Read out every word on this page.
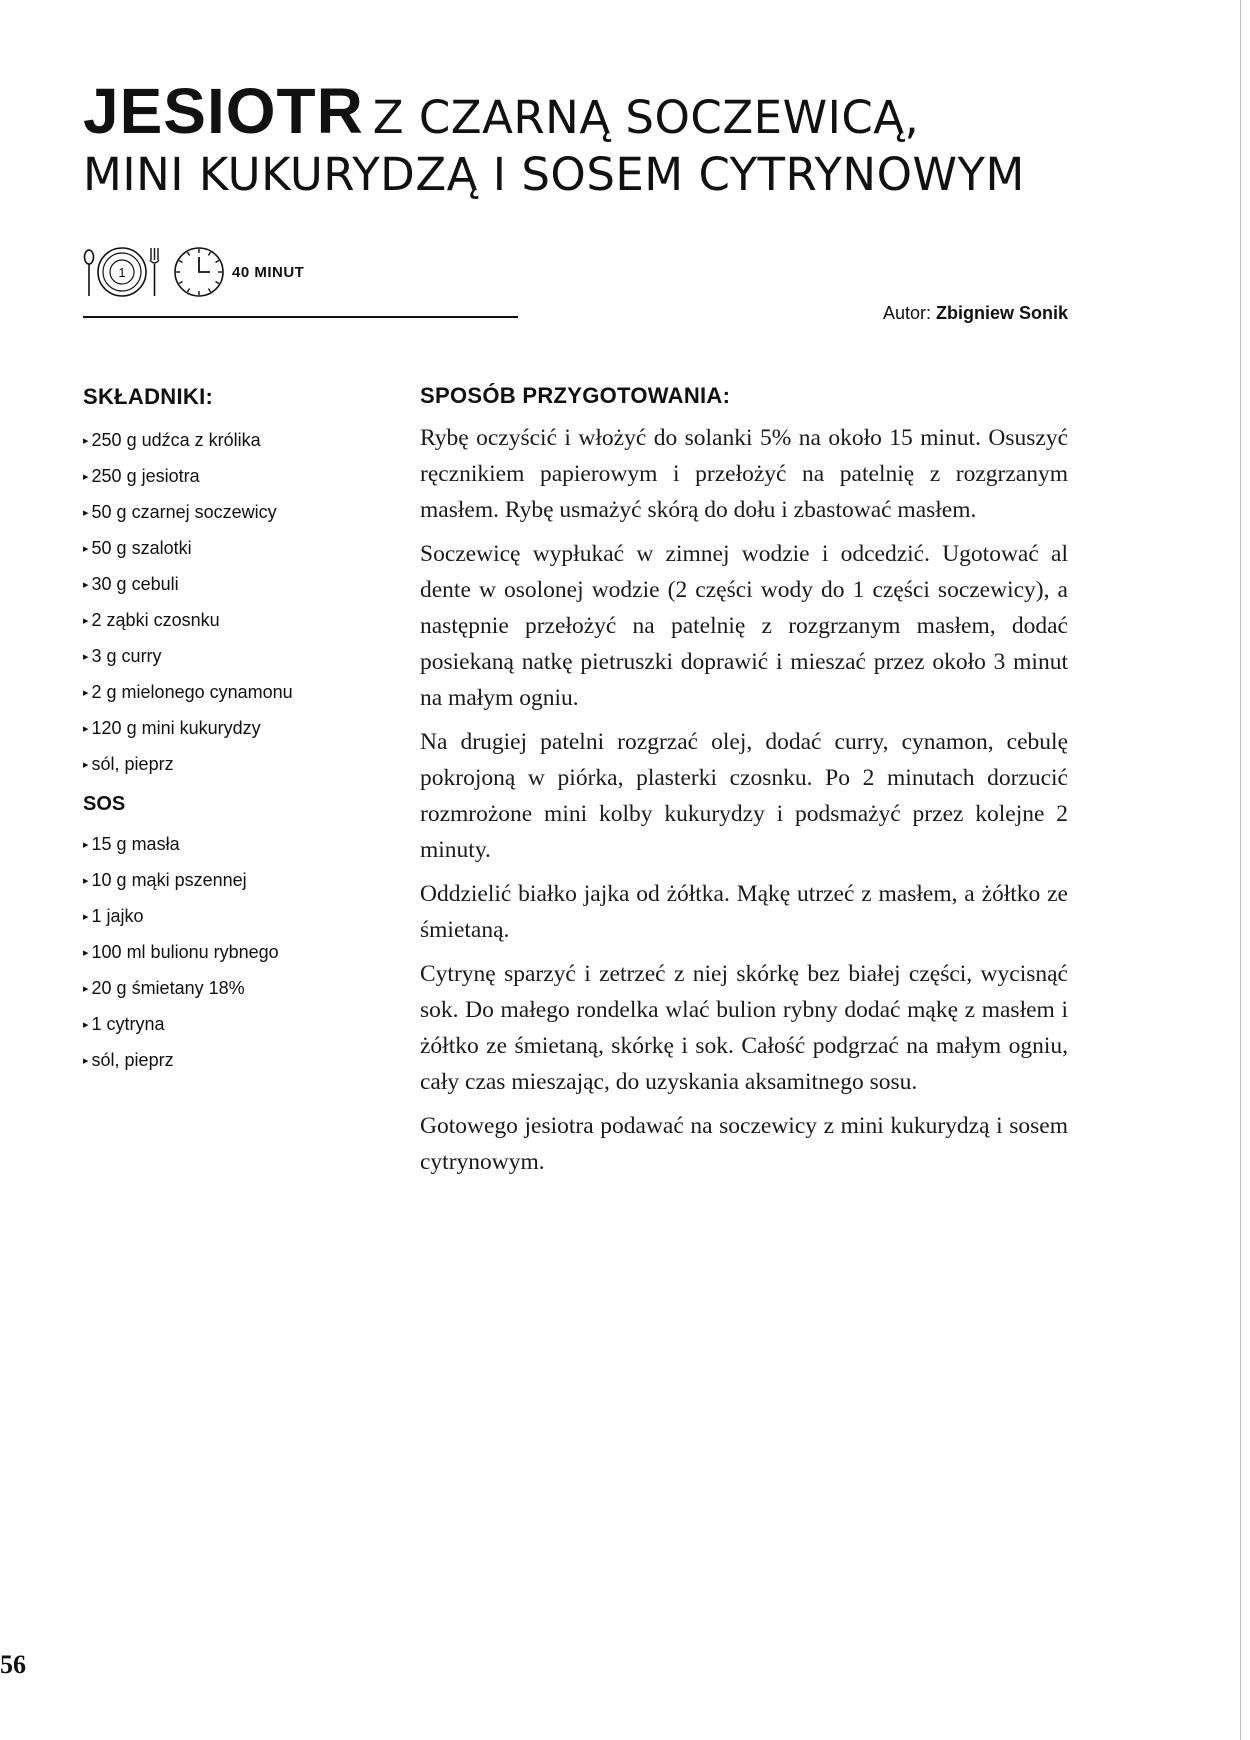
JESIOTR Z CZARNĄ SOCZEWICĄ,
MINI KUKURYDZĄ I SOSEM CYTRYNOWYM
1	40 MINUT
Autor: Zbigniew Sonik
SKŁADNIKI:
▸ 250 g udźca z królika
▸ 250 g jesiotra
▸ 50 g czarnej soczewicy
▸ 50 g szalotki
▸ 30 g cebuli
▸ 2 ząbki czosnku
▸ 3 g curry
▸ 2 g mielonego cynamonu
▸ 120 g mini kukurydzy
▸ sól, pieprz
SOS
▸ 15 g masła
▸ 10 g mąki pszennej
▸ 1 jajko
▸ 100 ml bulionu rybnego
▸ 20 g śmietany 18%
▸ 1 cytryna
▸ sól, pieprz
SPOSÓB PRZYGOTOWANIA:

Rybę oczyścić i włożyć do solanki 5% na około 15 minut. Osuszyć ręcznikiem papierowym i przełożyć na patelnię z rozgrzanym masłem. Rybę usmażyć skórą do dołu i zbastować masłem.

Soczewicę wypłukać w zimnej wodzie i odcedzić. Ugotować al dente w osolonej wodzie (2 części wody do 1 części soczewicy), a następnie przełożyć na patelnię z rozgrzanym masłem, dodać posiekaną natkę pietruszki doprawić i mieszać przez około 3 minut na małym ogniu.

Na drugiej patelni rozgrzać olej, dodać curry, cynamon, cebulę pokrojoną w piórka, plasterki czosnku. Po 2 minutach dorzucić rozmrożone mini kolby kukurydzy i podsmażyć przez kolejne 2 minuty.

Oddzielić białko jajka od żółtka. Mąkę utrzeć z masłem, a żółtko ze śmietaną.

Cytrynę sparzyć i zetrzeć z niej skórkę bez białej części, wycisnąć sok. Do małego rondelka wlać bulion rybny dodać mąkę z masłem i żółtko ze śmietaną, skórkę i sok. Całość podgrzać na małym ogniu, cały czas mieszając, do uzyskania aksamitnego sosu.

Gotowego jesiotra podawać na soczewicy z mini kukurydzą i sosem cytrynowym.

56
